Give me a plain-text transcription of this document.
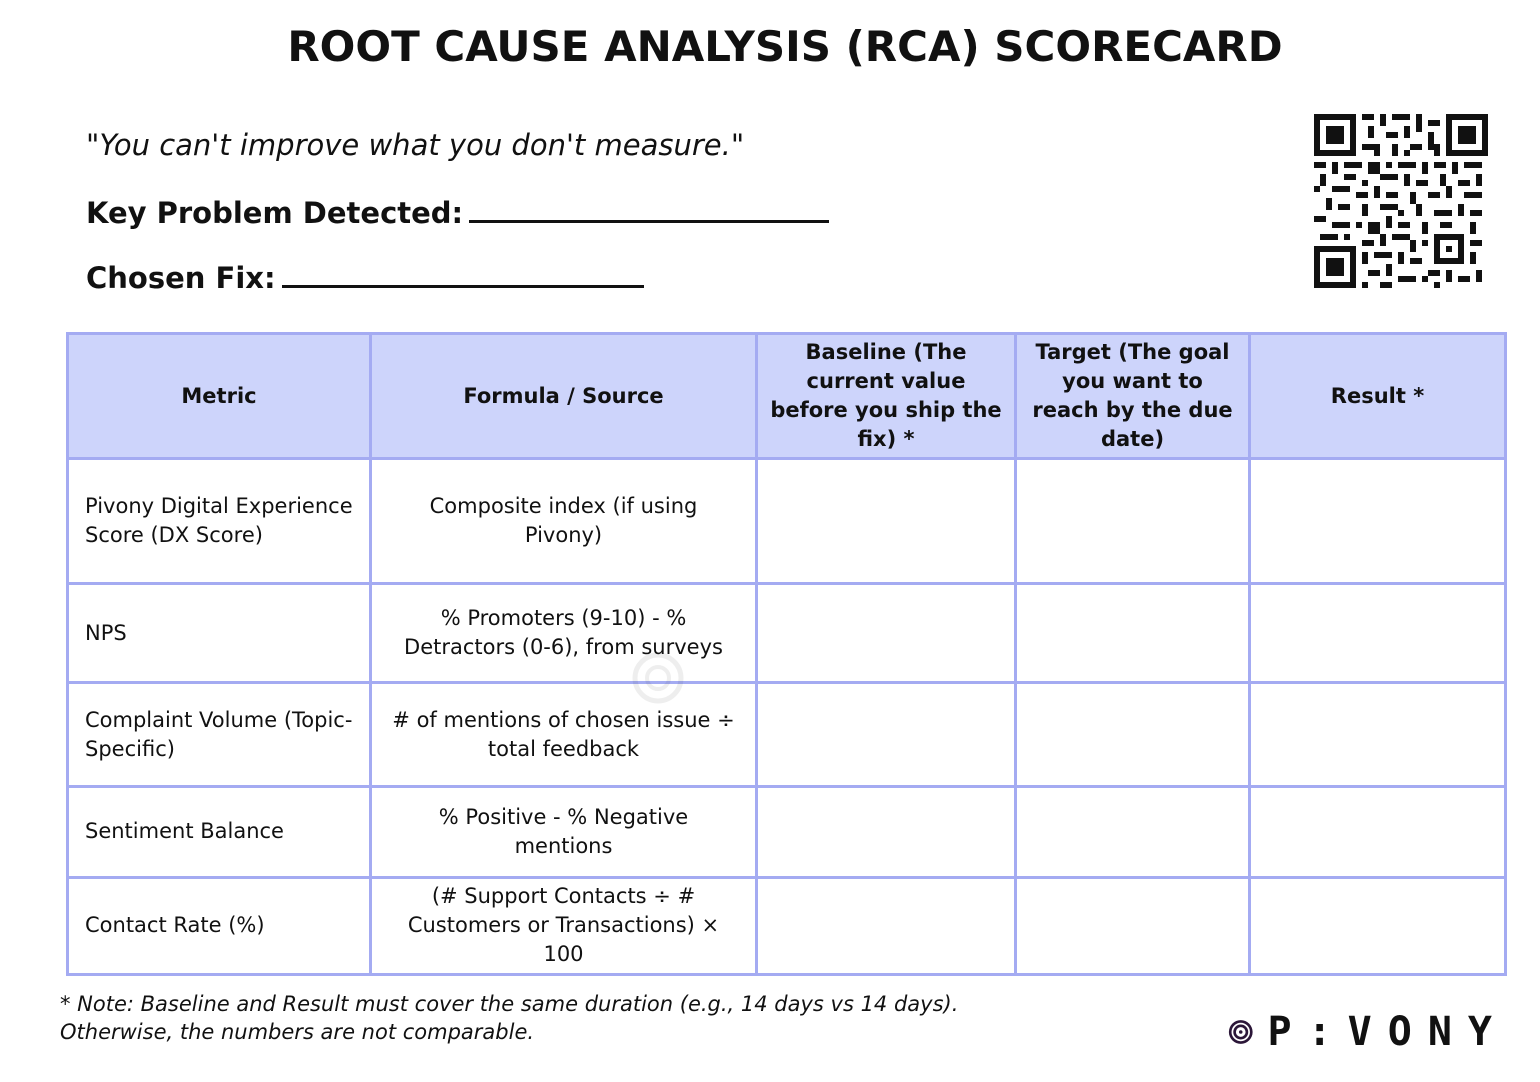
ROOT CAUSE ANALYSIS (RCA) SCORECARD
"You can't improve what you don't measure."
Key Problem Detected:
Chosen Fix:
Metric	Formula / Source	Baseline (The current value before you ship the fix) *	Target (The goal you want to reach by the due date)	Result *
Pivony Digital Experience Score (DX Score)	Composite index (if using Pivony)			
NPS	% Promoters (9-10) - % Detractors (0-6), from surveys			
Complaint Volume (Topic-Specific)	# of mentions of chosen issue ÷ total feedback			
Sentiment Balance	% Positive - % Negative mentions			
Contact Rate (%)	(# Support Contacts ÷ # Customers or Transactions) × 100			
* Note: Baseline and Result must cover the same duration (e.g., 14 days vs 14 days).
Otherwise, the numbers are not comparable.	P:VONY
